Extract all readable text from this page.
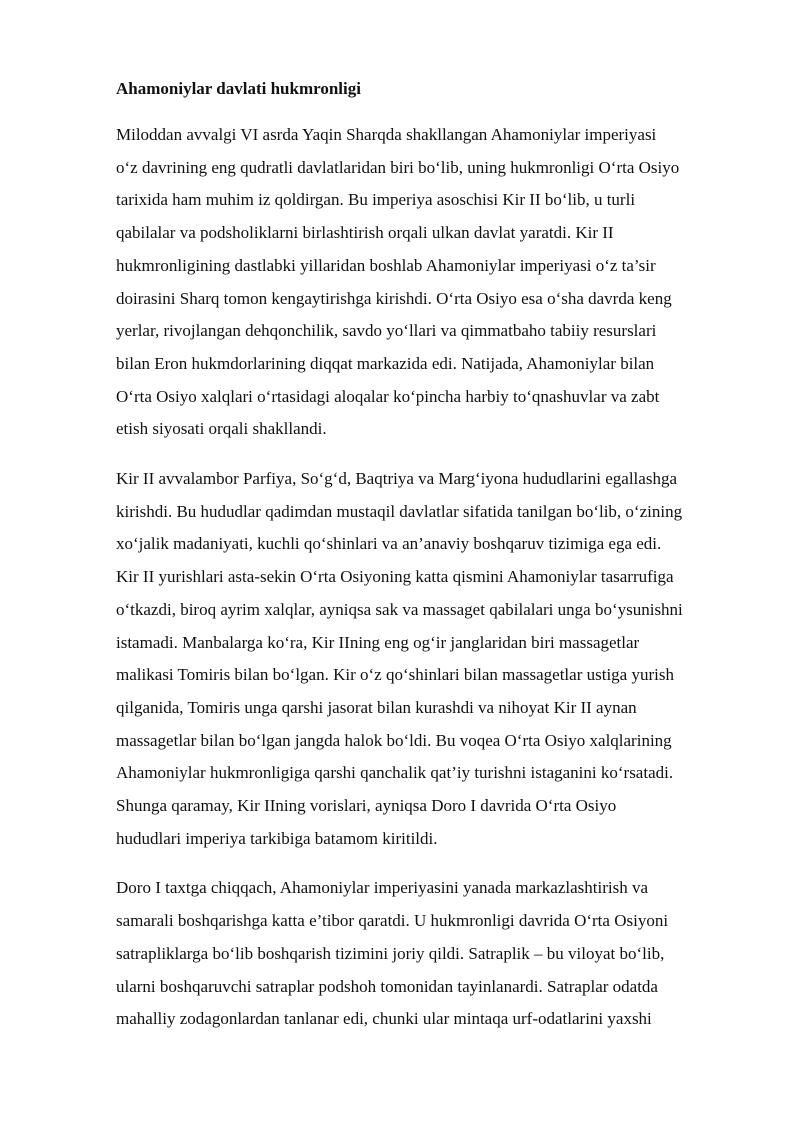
Ahamoniylar davlati hukmronligi
Miloddan avvalgi VI asrda Yaqin Sharqda shakllangan Ahamoniylar imperiyasi
o‘z davrining eng qudratli davlatlaridan biri bo‘lib, uning hukmronligi O‘rta Osiyo
tarixida ham muhim iz qoldirgan. Bu imperiya asoschisi Kir II bo‘lib, u turli
qabilalar va podsholiklarni birlashtirish orqali ulkan davlat yaratdi. Kir II
hukmronligining dastlabki yillaridan boshlab Ahamoniylar imperiyasi o‘z ta’sir
doirasini Sharq tomon kengaytirishga kirishdi. O‘rta Osiyo esa o‘sha davrda keng
yerlar, rivojlangan dehqonchilik, savdo yo‘llari va qimmatbaho tabiiy resurslari
bilan Eron hukmdorlarining diqqat markazida edi. Natijada, Ahamoniylar bilan
O‘rta Osiyo xalqlari o‘rtasidagi aloqalar ko‘pincha harbiy to‘qnashuvlar va zabt
etish siyosati orqali shakllandi.
Kir II avvalambor Parfiya, So‘g‘d, Baqtriya va Marg‘iyona hududlarini egallashga
kirishdi. Bu hududlar qadimdan mustaqil davlatlar sifatida tanilgan bo‘lib, o‘zining
xo‘jalik madaniyati, kuchli qo‘shinlari va an’anaviy boshqaruv tizimiga ega edi.
Kir II yurishlari asta-sekin O‘rta Osiyoning katta qismini Ahamoniylar tasarrufiga
o‘tkazdi, biroq ayrim xalqlar, ayniqsa sak va massaget qabilalari unga bo‘ysunishni
istamadi. Manbalarga ko‘ra, Kir IIning eng og‘ir janglaridan biri massagetlar
malikasi Tomiris bilan bo‘lgan. Kir o‘z qo‘shinlari bilan massagetlar ustiga yurish
qilganida, Tomiris unga qarshi jasorat bilan kurashdi va nihoyat Kir II aynan
massagetlar bilan bo‘lgan jangda halok bo‘ldi. Bu voqea O‘rta Osiyo xalqlarining
Ahamoniylar hukmronligiga qarshi qanchalik qat’iy turishni istaganini ko‘rsatadi.
Shunga qaramay, Kir IIning vorislari, ayniqsa Doro I davrida O‘rta Osiyo
hududlari imperiya tarkibiga batamom kiritildi.
Doro I taxtga chiqqach, Ahamoniylar imperiyasini yanada markazlashtirish va
samarali boshqarishga katta e’tibor qaratdi. U hukmronligi davrida O‘rta Osiyoni
satrapliklarga bo‘lib boshqarish tizimini joriy qildi. Satraplik – bu viloyat bo‘lib,
ularni boshqaruvchi satraplar podshoh tomonidan tayinlanardi. Satraplar odatda
mahalliy zodagonlardan tanlanar edi, chunki ular mintaqa urf-odatlarini yaxshi
